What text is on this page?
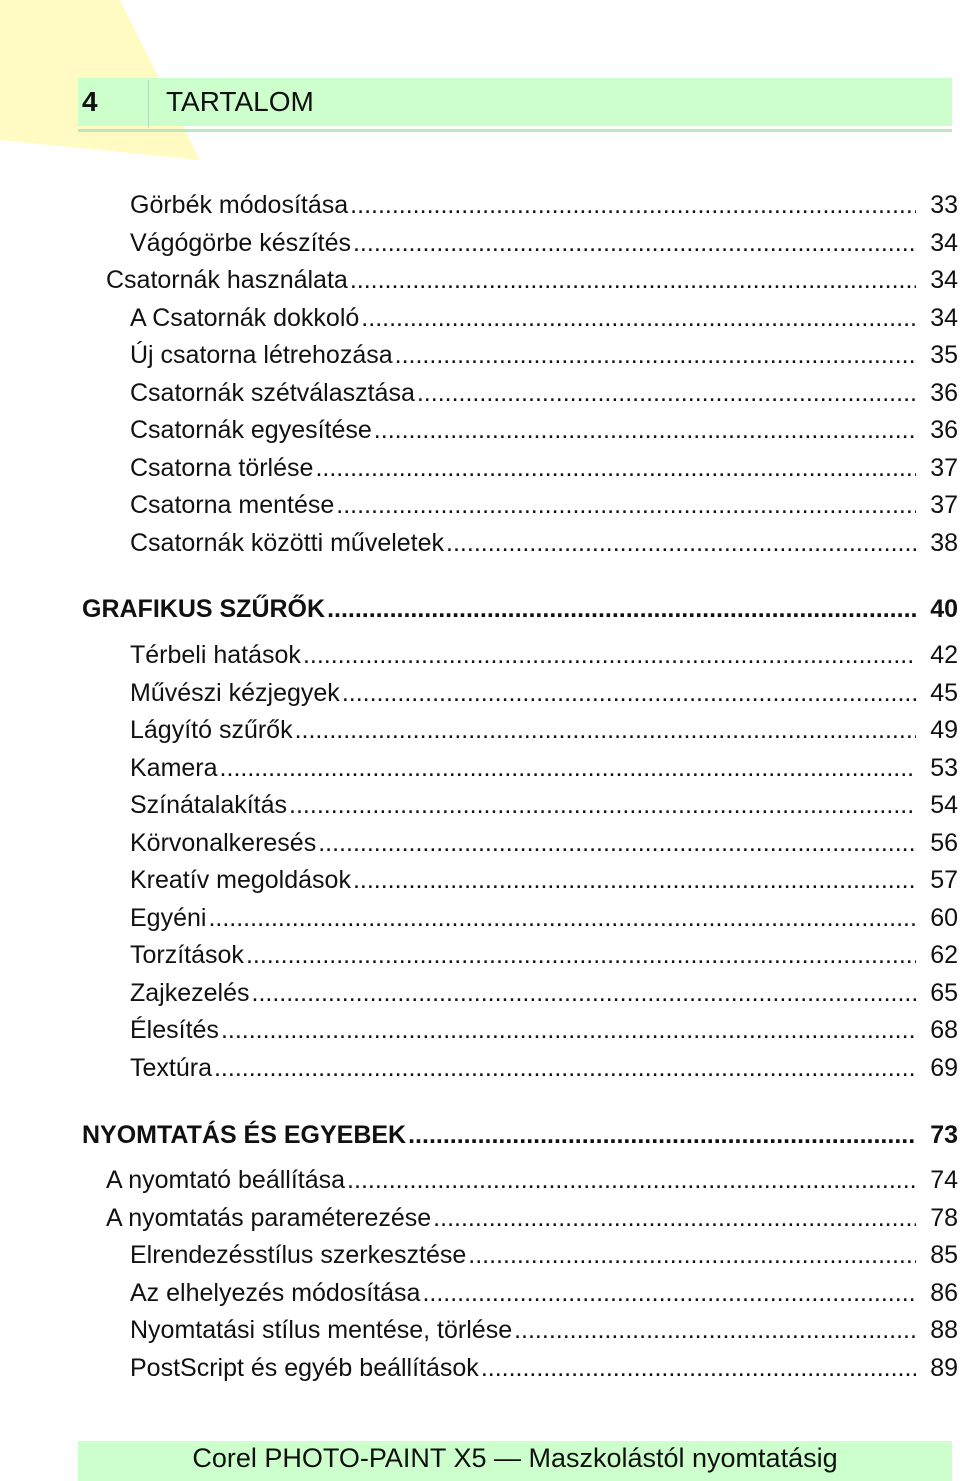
4 TARTALOM
Görbék módosítása .....	33
Vágógörbe készítés .....	34
Csatornák használata .....	34
A Csatornák dokkoló .....	34
Új csatorna létrehozása .....	35
Csatornák szétválasztása .....	36
Csatornák egyesítése .....	36
Csatorna törlése .....	37
Csatorna mentése .....	37
Csatornák közötti műveletek .....	38
GRAFIKUS SZŰRŐK .....	40
Térbeli hatások .....	42
Művészi kézjegyek .....	45
Lágyító szűrők .....	49
Kamera .....	53
Színátalakítás .....	54
Körvonalkeresés .....	56
Kreatív megoldások .....	57
Egyéni .....	60
Torzítások .....	62
Zajkezelés .....	65
Élesítés .....	68
Textúra .....	69
NYOMTATÁS ÉS EGYEBEK .....	73
A nyomtató beállítása .....	74
A nyomtatás paraméterezése .....	78
Elrendezésstílus szerkesztése .....	85
Az elhelyezés módosítása .....	86
Nyomtatási stílus mentése, törlése .....	88
PostScript és egyéb beállítások .....	89
Corel PHOTO-PAINT X5 — Maszkolástól nyomtatásig
